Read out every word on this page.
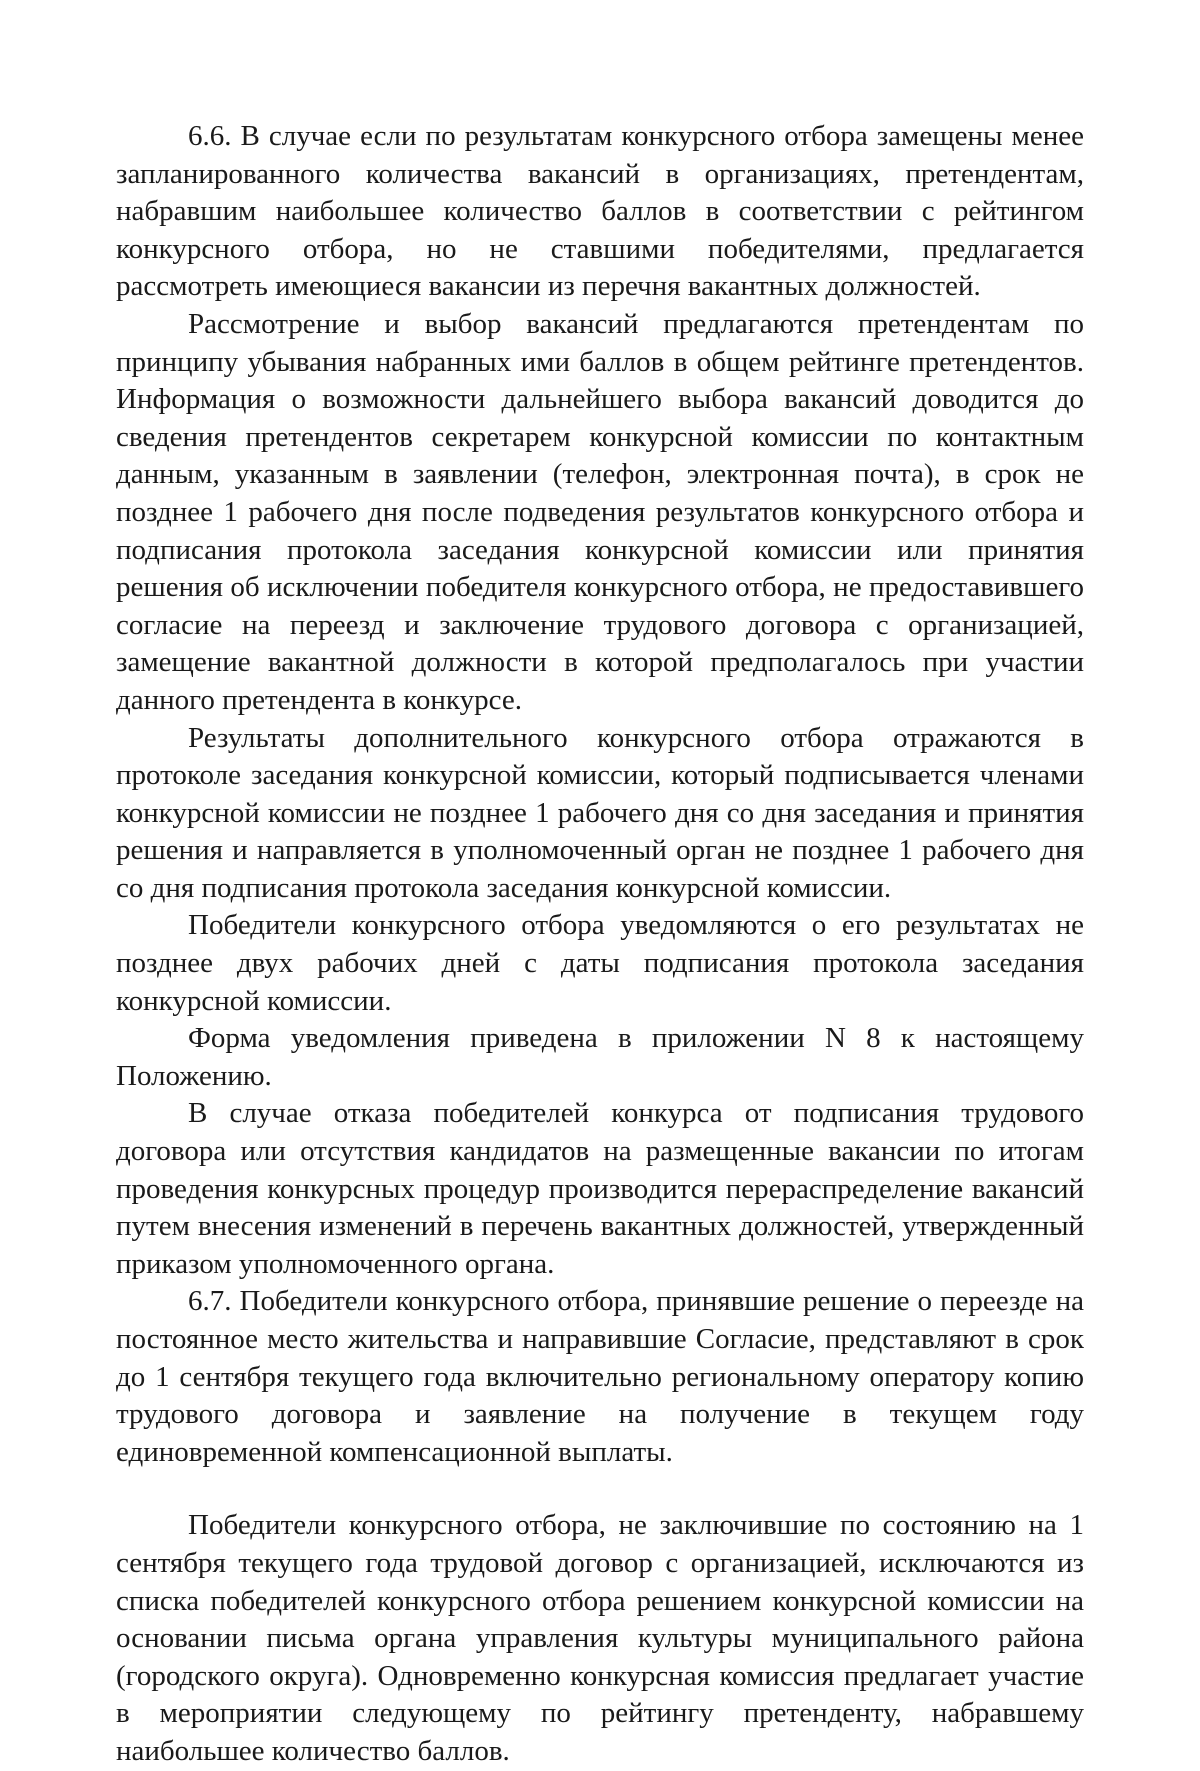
6.6. В случае если по результатам конкурсного отбора замещены менее запланированного количества вакансий в организациях, претендентам, набравшим наибольшее количество баллов в соответствии с рейтингом конкурсного отбора, но не ставшими победителями, предлагается рассмотреть имеющиеся вакансии из перечня вакантных должностей.

Рассмотрение и выбор вакансий предлагаются претендентам по принципу убывания набранных ими баллов в общем рейтинге претендентов. Информация о возможности дальнейшего выбора вакансий доводится до сведения претендентов секретарем конкурсной комиссии по контактным данным, указанным в заявлении (телефон, электронная почта), в срок не позднее 1 рабочего дня после подведения результатов конкурсного отбора и подписания протокола заседания конкурсной комиссии или принятия решения об исключении победителя конкурсного отбора, не предоставившего согласие на переезд и заключение трудового договора с организацией, замещение вакантной должности в которой предполагалось при участии данного претендента в конкурсе.

Результаты дополнительного конкурсного отбора отражаются в протоколе заседания конкурсной комиссии, который подписывается членами конкурсной комиссии не позднее 1 рабочего дня со дня заседания и принятия решения и направляется в уполномоченный орган не позднее 1 рабочего дня со дня подписания протокола заседания конкурсной комиссии.

Победители конкурсного отбора уведомляются о его результатах не позднее двух рабочих дней с даты подписания протокола заседания конкурсной комиссии.

Форма уведомления приведена в приложении N 8 к настоящему Положению.

В случае отказа победителей конкурса от подписания трудового договора или отсутствия кандидатов на размещенные вакансии по итогам проведения конкурсных процедур производится перераспределение вакансий путем внесения изменений в перечень вакантных должностей, утвержденный приказом уполномоченного органа.

6.7. Победители конкурсного отбора, принявшие решение о переезде на постоянное место жительства и направившие Согласие, представляют в срок до 1 сентября текущего года включительно региональному оператору копию трудового договора и заявление на получение в текущем году единовременной компенсационной выплаты.

Победители конкурсного отбора, не заключившие по состоянию на 1 сентября текущего года трудовой договор с организацией, исключаются из списка победителей конкурсного отбора решением конкурсной комиссии на основании письма органа управления культуры муниципального района (городского округа). Одновременно конкурсная комиссия предлагает участие в мероприятии следующему по рейтингу претенденту, набравшему наибольшее количество баллов.
